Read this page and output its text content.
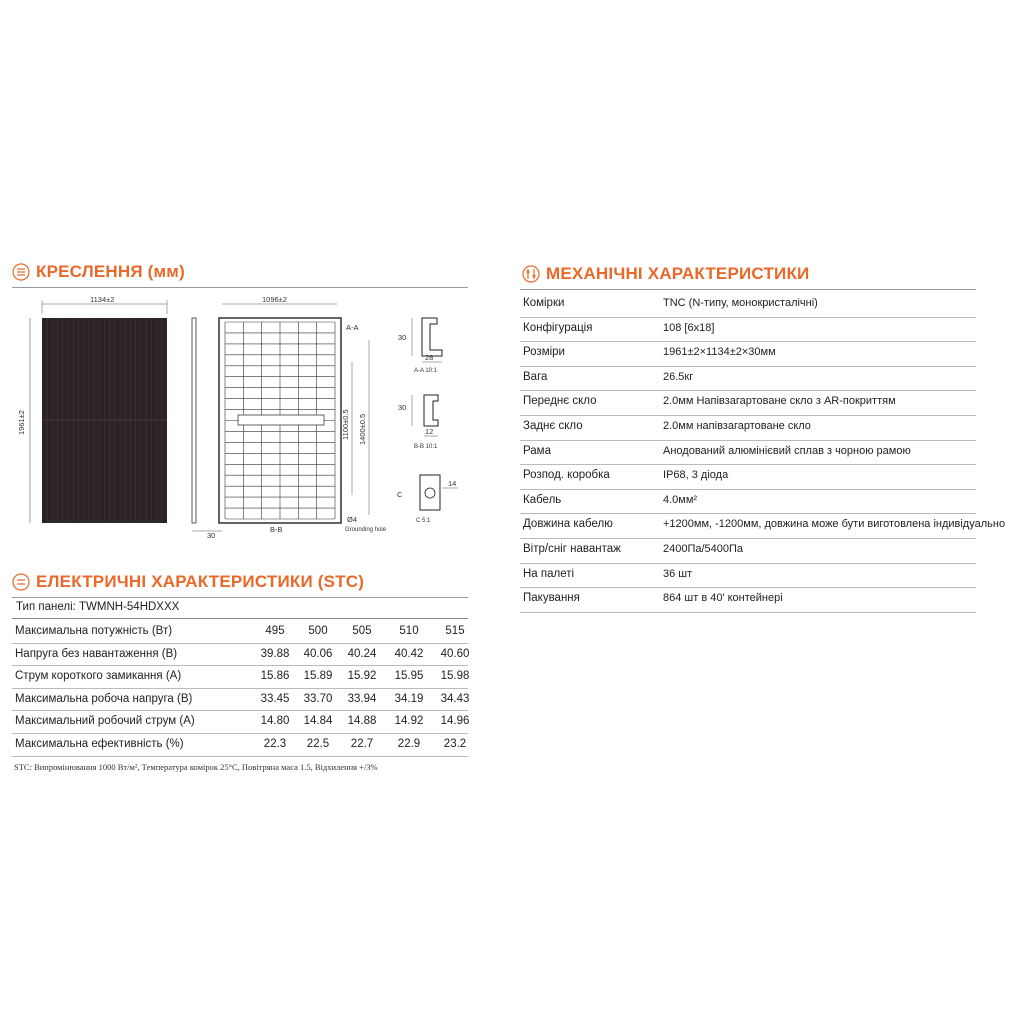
КРЕСЛЕННЯ (мм)
1134±2
1961±2
30
1096±2
B-B
A-A
1100±0.5 1400±0.5
Ø4
Grounding hole
30
28
A-A 10:1
30
12
B-B 10:1
14
C
C 5:1
МЕХАНІЧНІ ХАРАКТЕРИСТИКИ
Комірки	TNC (N-типу, монокристалічні)
Конфігурація	108 [6x18]
Розміри	1961±2×1134±2×30мм
Вага	26.5кг
Переднє скло	2.0мм Напівзагартоване скло з AR-покриттям
Заднє скло	2.0мм напівзагартоване скло
Рама	Анодований алюмінієвий сплав з чорною рамою
Розпод. коробка	IP68, 3 діода
Кабель	4.0мм²
Довжина кабелю	+1200мм, -1200мм, довжина може бути виготовлена індивідуально
Вітр/сніг навантаж	2400Па/5400Па
На палеті	36 шт
Пакування	864 шт в 40' контейнері
ЕЛЕКТРИЧНІ ХАРАКТЕРИСТИКИ (STC)
Тип панелі: TWMNH-54HDXXX
Максимальна потужність (Вт)	495	500	505	510	515
Напруга без навантаження (В)	39.88	40.06	40.24	40.42	40.60
Струм короткого замикання (А)	15.86	15.89	15.92	15.95	15.98
Максимальна робоча напруга (В)	33.45	33.70	33.94	34.19	34.43
Максимальний робочий струм (А)	14.80	14.84	14.88	14.92	14.96
Максимальна ефективність (%)	22.3	22.5	22.7	22.9	23.2
STC: Випромінювання 1000 Вт/м², Температура комірок 25°С, Повітряна маса 1.5, Відхилення +/3%
